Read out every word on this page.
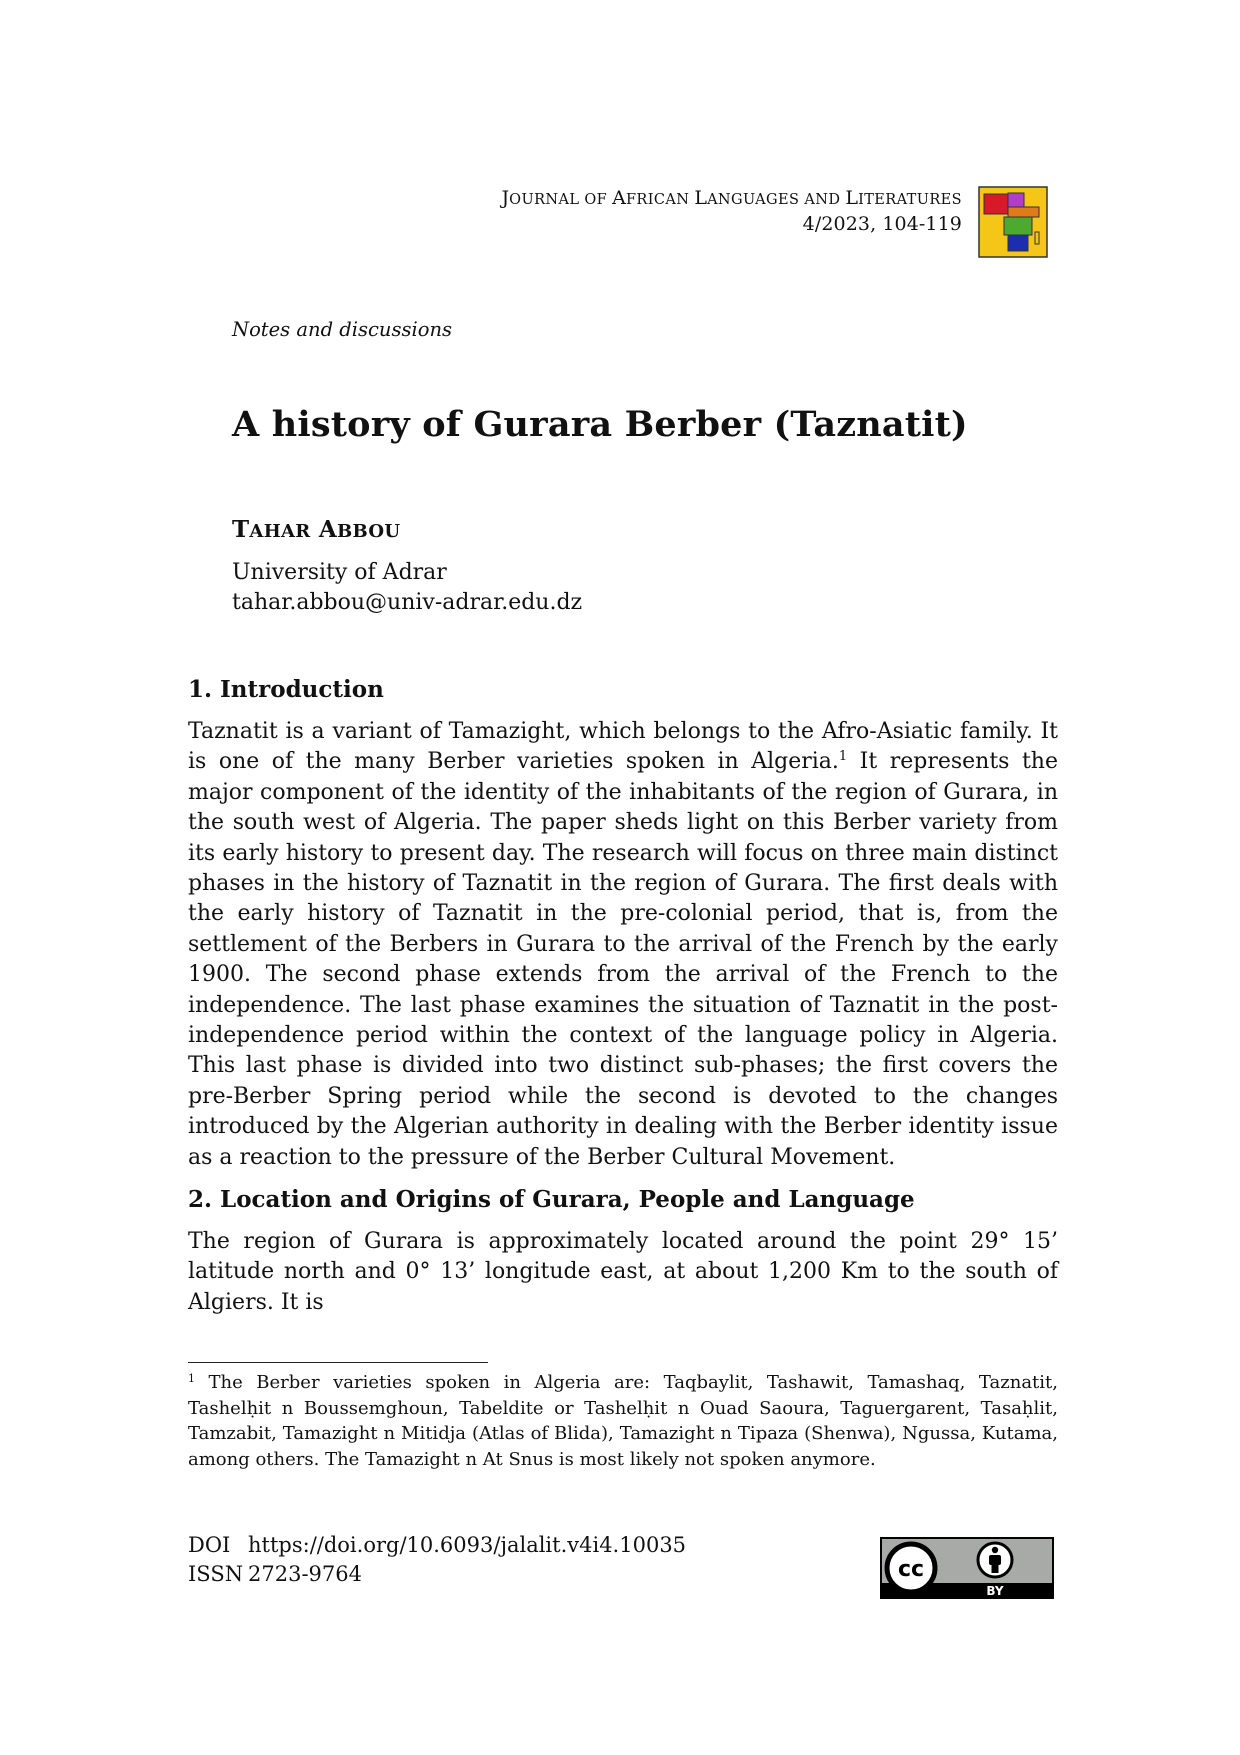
JOURNAL OF AFRICAN LANGUAGES AND LITERATURES
4/2023, 104-119
Notes and discussions
A history of Gurara Berber (Taznatit)
TAHAR ABBOU
University of Adrar
tahar.abbou@univ-adrar.edu.dz
1. Introduction

Taznatit is a variant of Tamazight, which belongs to the Afro-Asiatic family. It is one of the many Berber varieties spoken in Algeria.$^1$ It represents the major component of the identity of the inhabitants of the region of Gurara, in the south west of Algeria. The paper sheds light on this Berber variety from its early history to present day. The research will focus on three main distinct phases in the history of Taznatit in the region of Gurara. The first deals with the early history of Taznatit in the pre-colonial period, that is, from the settlement of the Berbers in Gurara to the arrival of the French by the early 1900. The second phase extends from the arrival of the French to the independence. The last phase examines the situation of Taznatit in the post-independence period within the context of the language policy in Algeria. This last phase is divided into two distinct sub-phases; the first covers the pre-Berber Spring period while the second is devoted to the changes introduced by the Algerian authority in dealing with the Berber identity issue as a reaction to the pressure of the Berber Cultural Movement.

2. Location and Origins of Gurara, People and Language

The region of Gurara is approximately located around the point 29° 15’ latitude north and 0° 13’ longitude east, at about 1,200 Km to the south of Algiers. It is

$^1$ The Berber varieties spoken in Algeria are: Taqbaylit, Tashawit, Tamashaq, Taznatit, Tashelḥit n Boussemghoun, Tabeldite or Tashelḥit n Ouad Saoura, Taguergarent, Tasaḥlit, Tamzabit, Tamazight n Mitidja (Atlas of Blida), Tamazight n Tipaza (Shenwa), Ngussa, Kutama, among others. The Tamazight n At Snus is most likely not spoken anymore.
DOI https://doi.org/10.6093/jalalit.v4i4.10035
ISSN 2723-9764	cc
BY
